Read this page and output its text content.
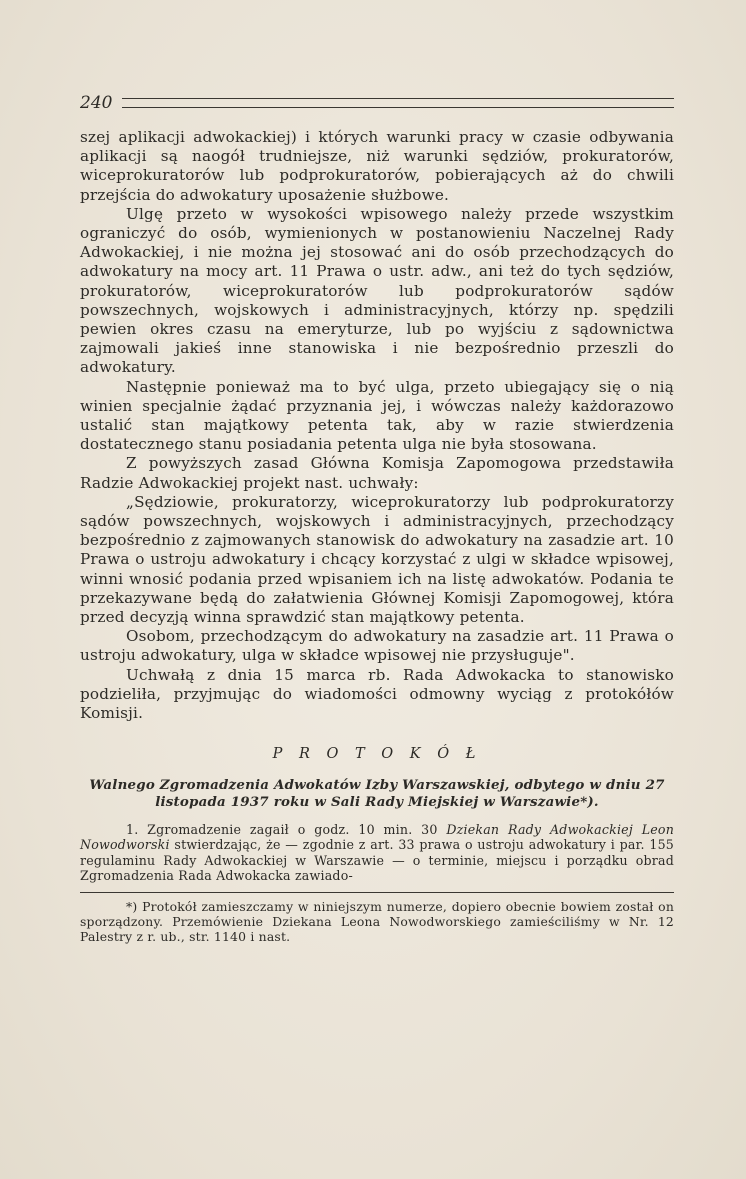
240

szej aplikacji adwokackiej) i których warunki pracy w czasie odbywania aplikacji są naogół trudniejsze, niż warunki sędziów, prokuratorów, wiceprokuratorów lub podprokuratorów, pobierających aż do chwili przejścia do adwokatury uposażenie służbowe.

Ulgę przeto w wysokości wpisowego należy przede wszystkim ograniczyć do osób, wymienionych w postanowieniu Naczelnej Rady Adwokackiej, i nie można jej stosować ani do osób przechodzących do adwokatury na mocy art. 11 Prawa o ustr. adw., ani też do tych sędziów, prokuratorów, wiceprokuratorów lub podprokuratorów sądów powszechnych, wojskowych i administracyjnych, którzy np. spędzili pewien okres czasu na emeryturze, lub po wyjściu z sądownictwa zajmowali jakieś inne stanowiska i nie bezpośrednio przeszli do adwokatury.

Następnie ponieważ ma to być ulga, przeto ubiegający się o nią winien specjalnie żądać przyznania jej, i wówczas należy każdorazowo ustalić stan majątkowy petenta tak, aby w razie stwierdzenia dostatecznego stanu posiadania petenta ulga nie była stosowana.

Z powyższych zasad Główna Komisja Zapomogowa przedstawiła Radzie Adwokackiej projekt nast. uchwały:

„Sędziowie, prokuratorzy, wiceprokuratorzy lub podprokuratorzy sądów powszechnych, wojskowych i administracyjnych, przechodzący bezpośrednio z zajmowanych stanowisk do adwokatury na zasadzie art. 10 Prawa o ustroju adwokatury i chcący korzystać z ulgi w składce wpisowej, winni wnosić podania przed wpisaniem ich na listę adwokatów. Podania te przekazywane będą do załatwienia Głównej Komisji Zapomogowej, która przed decyzją winna sprawdzić stan majątkowy petenta.

Osobom, przechodzącym do adwokatury na zasadzie art. 11 Prawa o ustroju adwokatury, ulga w składce wpisowej nie przysługuje".

Uchwałą z dnia 15 marca rb. Rada Adwokacka to stanowisko podzieliła, przyjmując do wiadomości odmowny wyciąg z protokółów Komisji.

P R O T O K Ó Ł
Walnego Zgromadzenia Adwokatów Izby Warszawskiej, odbytego w dniu 27 listopada 1937 roku w Sali Rady Miejskiej w Warszawie*).

1. Zgromadzenie zagaił o godz. 10 min. 30 Dziekan Rady Adwokackiej Leon Nowodworski stwierdzając, że — zgodnie z art. 33 prawa o ustroju adwokatury i par. 155 regulaminu Rady Adwokackiej w Warszawie — o terminie, miejscu i porządku obrad Zgromadzenia Rada Adwokacka zawiado-

*) Protokół zamieszczamy w niniejszym numerze, dopiero obecnie bowiem został on sporządzony. Przemówienie Dziekana Leona Nowodworskiego zamieściliśmy w Nr. 12 Palestry z r. ub., str. 1140 i nast.
